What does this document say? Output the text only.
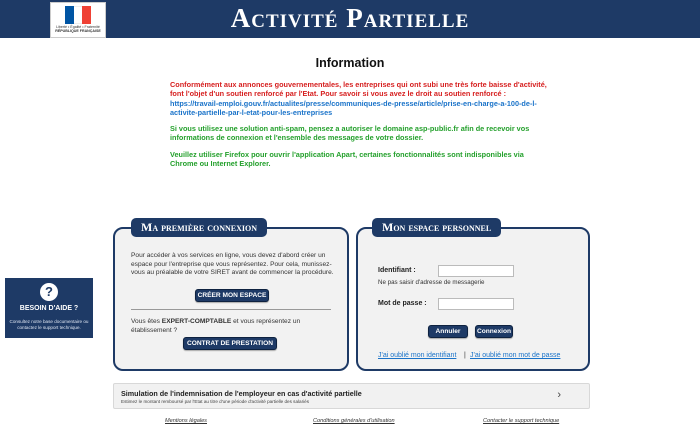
Liberté • Égalité • Fraternité
RÉPUBLIQUE FRANÇAISE	Activité Partielle
Information
Conformément aux annonces gouvernementales, les entreprises qui ont subi une très forte baisse d'activité, font l'objet d'un soutien renforcé par l'Etat. Pour savoir si vous avez le droit au soutien renforcé :
https://travail-emploi.gouv.fr/actualites/presse/communiques-de-presse/article/prise-en-charge-a-100-de-l-activite-partielle-par-l-etat-pour-les-entreprises
Si vous utilisez une solution anti-spam, pensez a autoriser le domaine asp-public.fr afin de recevoir vos informations de connexion et l'ensemble des messages de votre dossier.
Veuillez utiliser Firefox pour ouvrir l'application Apart, certaines fonctionnalités sont indisponibles via Chrome ou Internet Explorer.
?
BESOIN D'AIDE ?
Consultez notre base documentaire ou contactez le support technique.
Ma première connexion
Pour accéder à vos services en ligne, vous devez d'abord créer un espace pour l'entreprise que vous représentez. Pour cela, munissez-vous au préalable de votre SIRET avant de commencer la procédure.
CRÉER MON ESPACE
Vous êtes EXPERT-COMPTABLE et vous représentez un établissement ?
CONTRAT DE PRESTATION
Mon espace personnel
Identifiant :
Ne pas saisir d'adresse de messagerie
Mot de passe :
Annuler	Connexion
J'ai oublié mon identifiant | J'ai oublié mon mot de passe
Simulation de l'indemnisation de l'employeur en cas d'activité partielle
Estimez le montant remboursé par l'Etat au titre d'une période d'activité partielle des salariés
›
Mentions légales	Conditions générales d'utilisation	Contacter le support technique
